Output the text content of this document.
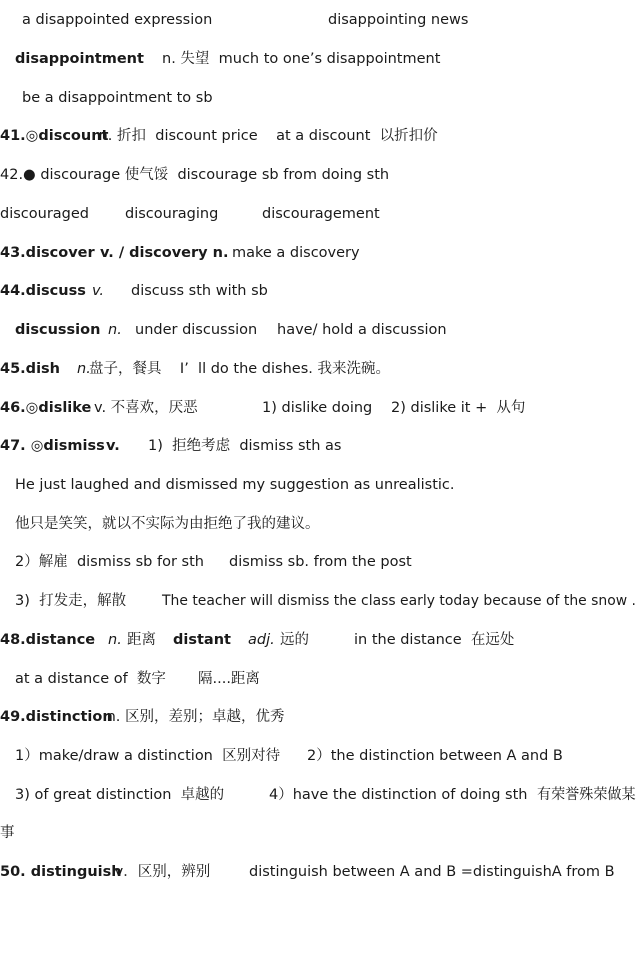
a disappointed expression

	disappointing news

disappointment

n. 失望  much to one’s disappointment

be a disappointment to sb

41.◎discount

n. 折扣  discount price    at a discount  以折扣价

42.● discourage 使气馁  discourage sb from doing sth

discouraged

discouraging

	discouragement

43.discover

v. / discovery n.

make a discovery

44.discuss

v.

discuss sth with sb

discussion

n.

under discussion

have/ hold a discussion

45.dish

n.

盘子，餐具    I’  ll do the dishes. 我来洗碗。

46.◎dislike

v. 不喜欢，厌恶

	1) dislike doing

2) dislike it +  从句

47. ◎dismiss

v.

1)  拒绝考虑  dismiss sth as

He just laughed and dismissed my suggestion as unrealistic.

他只是笑笑，就以不实际为由拒绝了我的建议。

2）解雇  dismiss sb for sth

dismiss sb. from the post

3)  打发走，解散

The teacher will dismiss the class early today because of the snow .

48.distance

n.

距离

distant

adj.

远的

	in the distance  在远处

at a distance of  数字

隔....距离

49.distinction

n. 区别，差别；卓越，优秀

1）make/draw a distinction  区别对待

2）the distinction between A and B

3) of great distinction  卓越的

	4）have the distinction of doing sth

有荣誉殊荣做某

事

50. distinguish

v．区别，辨别

	distinguish between A and B =distinguishA from B
